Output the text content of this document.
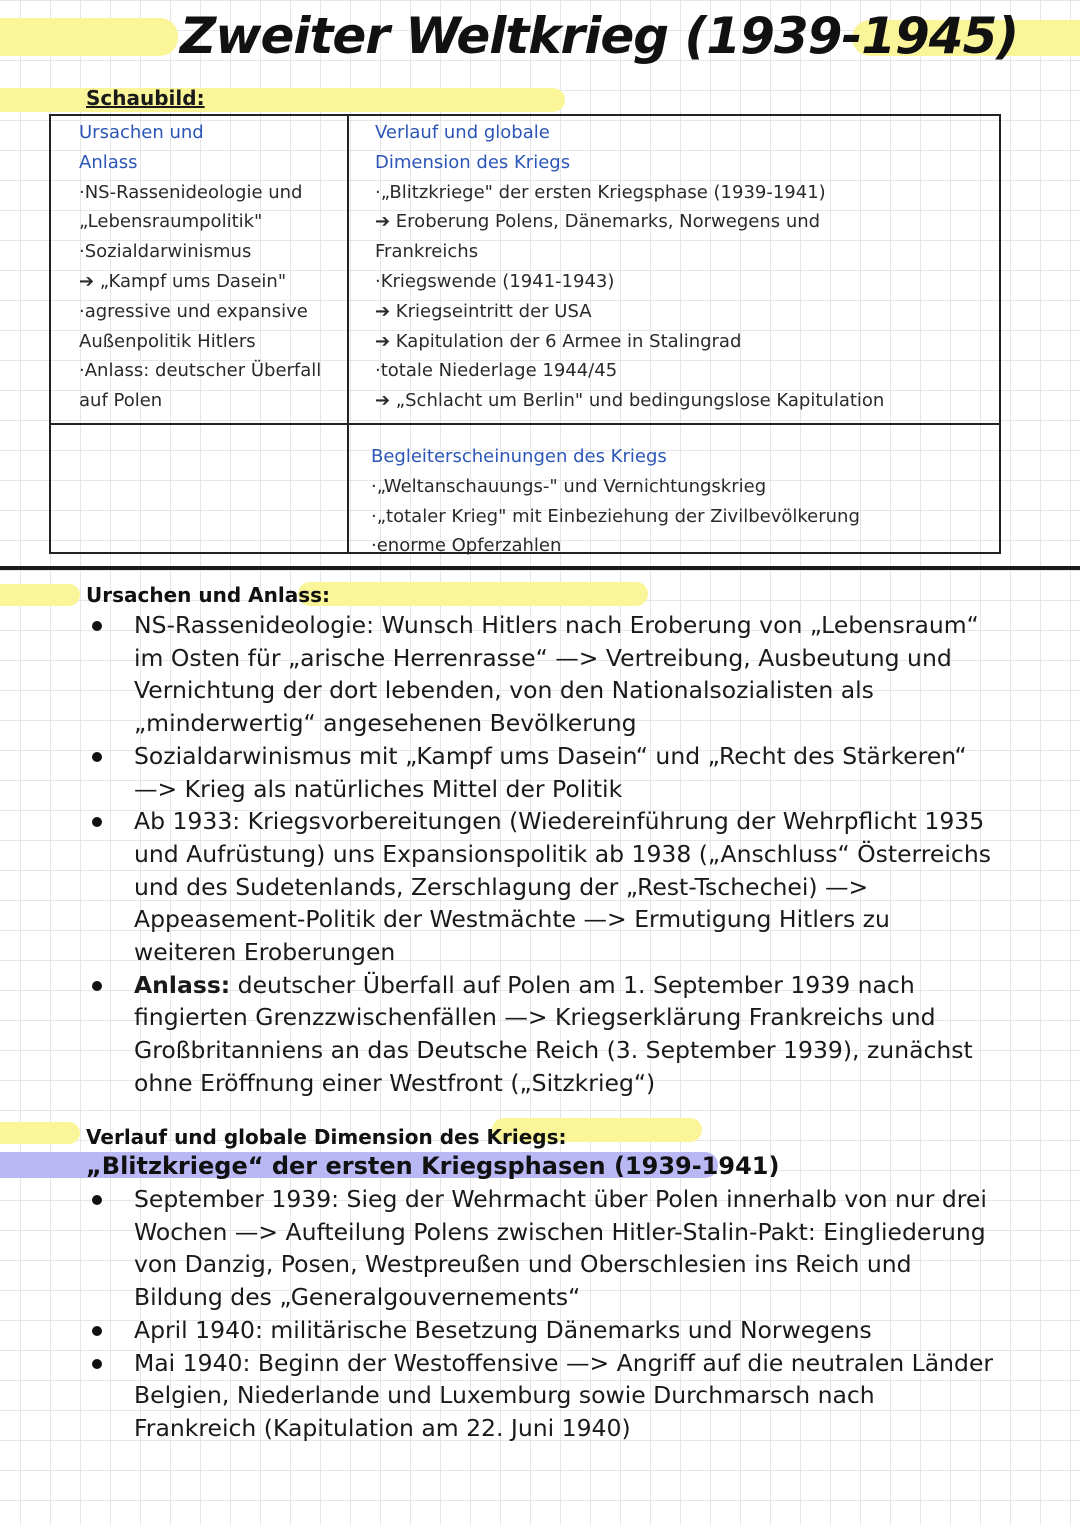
Zweiter Weltkrieg (1939-1945)
Schaubild:
Ursachen und
Anlass
·NS-Rassenideologie und
„Lebensraumpolitik"
·Sozialdarwinismus
➔ „Kampf ums Dasein"
·agressive und expansive
Außenpolitik Hitlers
·Anlass: deutscher Überfall
auf Polen
Verlauf und globale
Dimension des Kriegs
·„Blitzkriege" der ersten Kriegsphase (1939-1941)
➔ Eroberung Polens, Dänemarks, Norwegens und
Frankreichs
·Kriegswende (1941-1943)
➔ Kriegseintritt der USA
➔ Kapitulation der 6 Armee in Stalingrad
·totale Niederlage 1944/45
➔ „Schlacht um Berlin" und bedingungslose Kapitulation
Begleiterscheinungen des Kriegs
·„Weltanschauungs-" und Vernichtungskrieg
·„totaler Krieg" mit Einbeziehung der Zivilbevölkerung
·enorme Opferzahlen
Ursachen und Anlass:
NS-Rassenideologie: Wunsch Hitlers nach Eroberung von „Lebensraum“ im Osten für „arische Herrenrasse“ —> Vertreibung, Ausbeutung und Vernichtung der dort lebenden, von den Nationalsozialisten als „minderwertig“ angesehenen Bevölkerung
Sozialdarwinismus mit „Kampf ums Dasein“ und „Recht des Stärkeren“ —> Krieg als natürliches Mittel der Politik
Ab 1933: Kriegsvorbereitungen (Wiedereinführung der Wehrpflicht 1935 und Aufrüstung) uns Expansionspolitik ab 1938 („Anschluss“ Österreichs und des Sudetenlands, Zerschlagung der „Rest-Tschechei) —> Appeasement-Politik der Westmächte —> Ermutigung Hitlers zu weiteren Eroberungen
Anlass: deutscher Überfall auf Polen am 1. September 1939 nach fingierten Grenzzwischenfällen —> Kriegserklärung Frankreichs und Großbritanniens an das Deutsche Reich (3. September 1939), zunächst ohne Eröffnung einer Westfront („Sitzkrieg“)
Verlauf und globale Dimension des Kriegs:
„Blitzkriege“ der ersten Kriegsphasen (1939-1941)
September 1939: Sieg der Wehrmacht über Polen innerhalb von nur drei Wochen —> Aufteilung Polens zwischen Hitler-Stalin-Pakt: Eingliederung von Danzig, Posen, Westpreußen und Oberschlesien ins Reich und Bildung des „Generalgouvernements“
April 1940: militärische Besetzung Dänemarks und Norwegens
Mai 1940: Beginn der Westoffensive —> Angriff auf die neutralen Länder Belgien, Niederlande und Luxemburg sowie Durchmarsch nach Frankreich (Kapitulation am 22. Juni 1940)
